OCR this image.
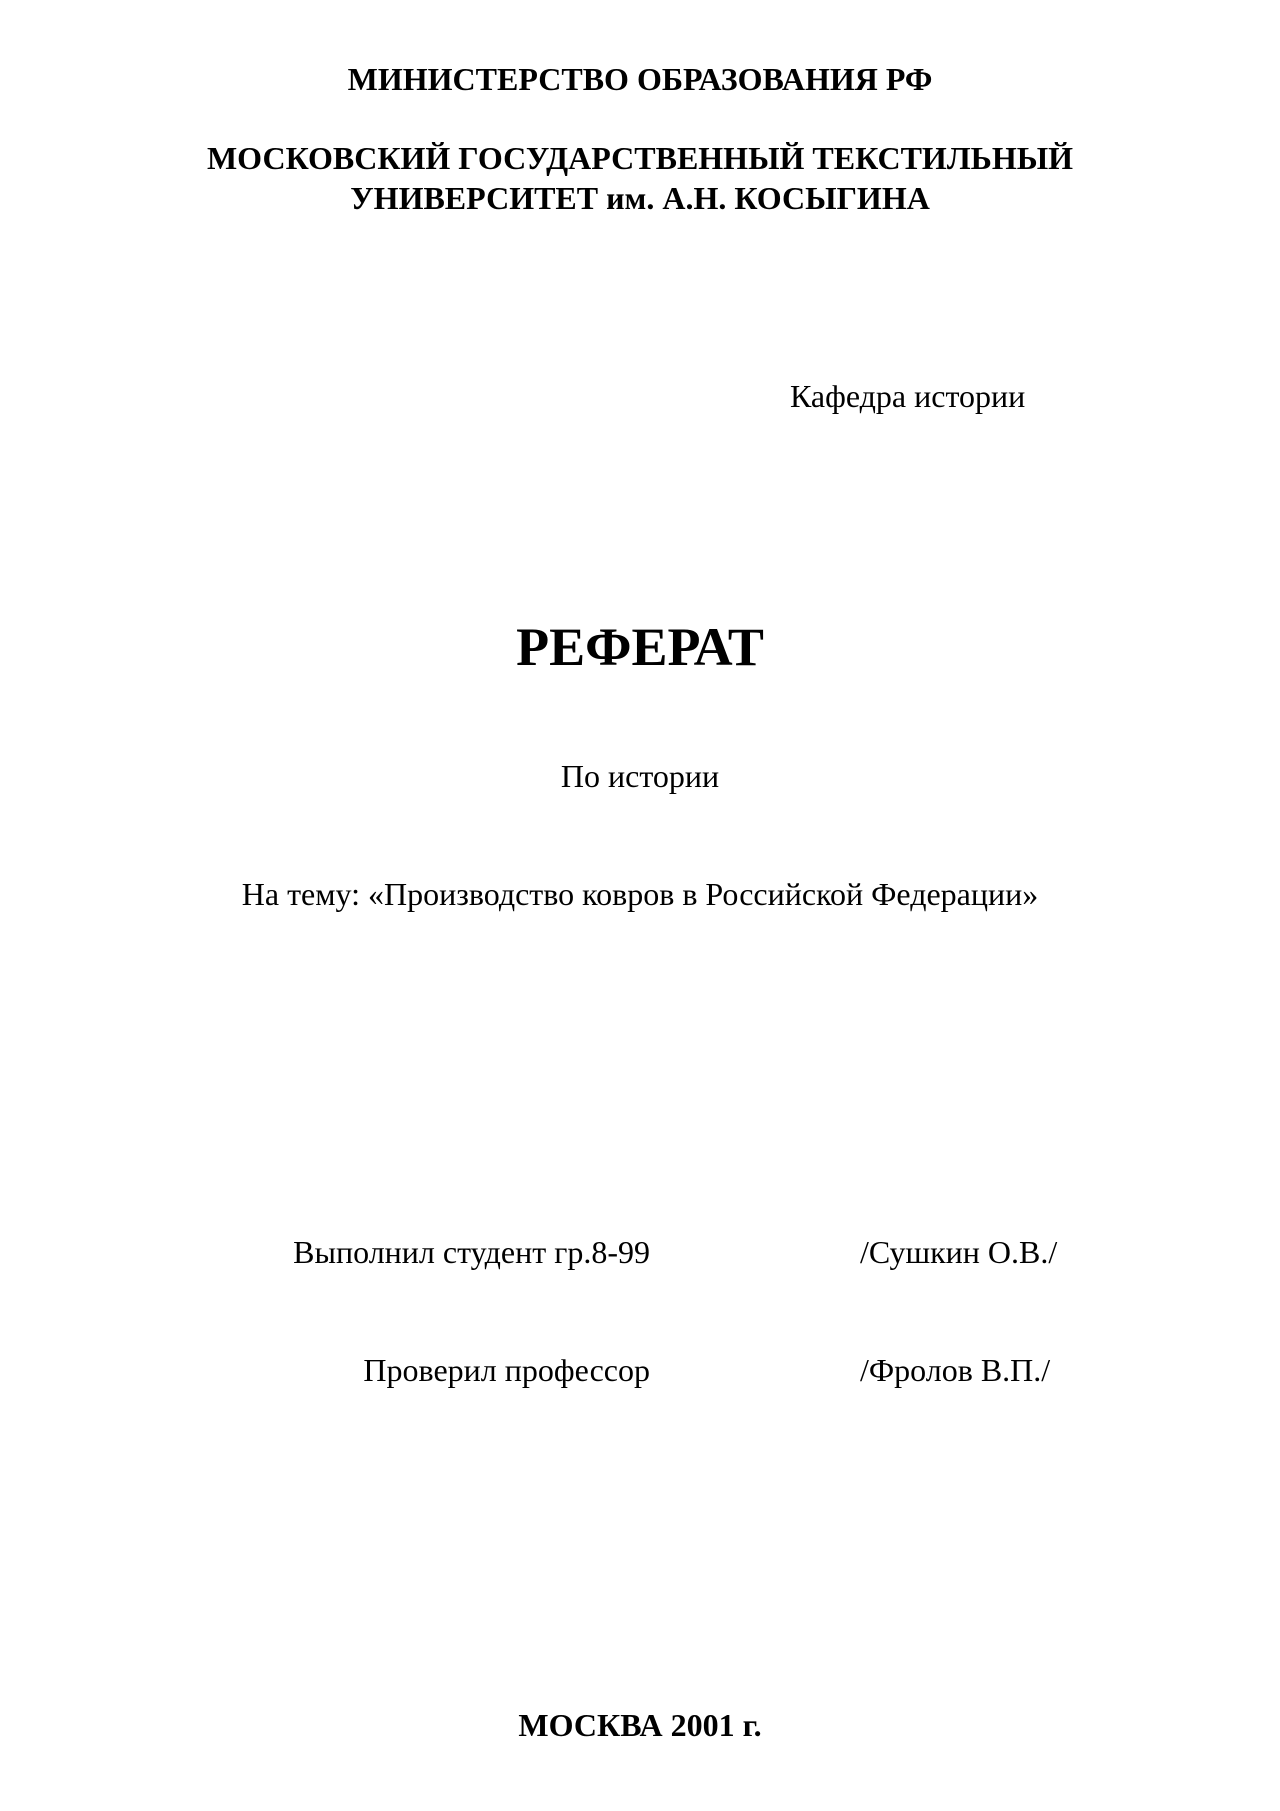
МИНИСТЕРСТВО ОБРАЗОВАНИЯ РФ
МОСКОВСКИЙ ГОСУДАРСТВЕННЫЙ ТЕКСТИЛЬНЫЙ
УНИВЕРСИТЕТ им. А.Н. КОСЫГИНА
Кафедра истории
РЕФЕРАТ
По истории
На тему: «Производство ковров в Российской Федерации»
Выполнил студент гр.8-99	/Сушкин О.В./
Проверил профессор	/Фролов В.П./
МОСКВА 2001 г.
